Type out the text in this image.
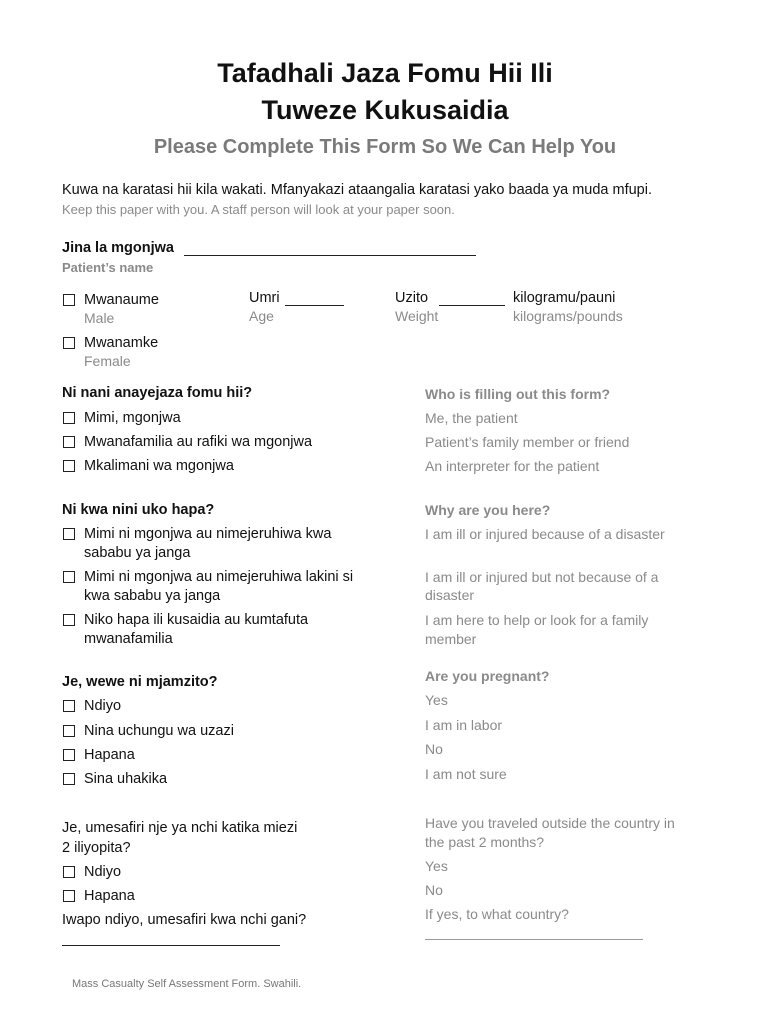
Tafadhali Jaza Fomu Hii Ili
Tuweze Kukusaidia
Please Complete This Form So We Can Help You
Kuwa na karatasi hii kila wakati. Mfanyakazi ataangalia karatasi yako baada ya muda mfupi.
Keep this paper with you. A staff person will look at your paper soon.
Jina la mgonjwa
Patient’s name
Mwanaume
Male
Mwanamke
Female
Umri
Age
Uzito	kilogramu/pauni
Weight	kilograms/pounds
Ni nani anayejaza fomu hii?	Who is filling out this form?
Mimi, mgonjwa	Me, the patient
Mwanafamilia au rafiki wa mgonjwa	Patient’s family member or friend
Mkalimani wa mgonjwa	An interpreter for the patient
Ni kwa nini uko hapa?	Why are you here?
Mimi ni mgonjwa au nimejeruhiwa kwa
sababu ya janga
I am ill or injured because of a disaster
Mimi ni mgonjwa au nimejeruhiwa lakini si
kwa sababu ya janga
I am ill or injured but not because of a
disaster
Niko hapa ili kusaidia au kumtafuta
mwanafamilia
I am here to help or look for a family
member
Je, wewe ni mjamzito?	Are you pregnant?
Ndiyo	Yes
Nina uchungu wa uzazi	I am in labor
Hapana	No
Sina uhakika	I am not sure
Je, umesafiri nje ya nchi katika miezi
2 iliyopita?
Have you traveled outside the country in
the past 2 months?
Ndiyo	Yes
Hapana	No
Iwapo ndiyo, umesafiri kwa nchi gani?	If yes, to what country?
Mass Casualty Self Assessment Form. Swahili.
